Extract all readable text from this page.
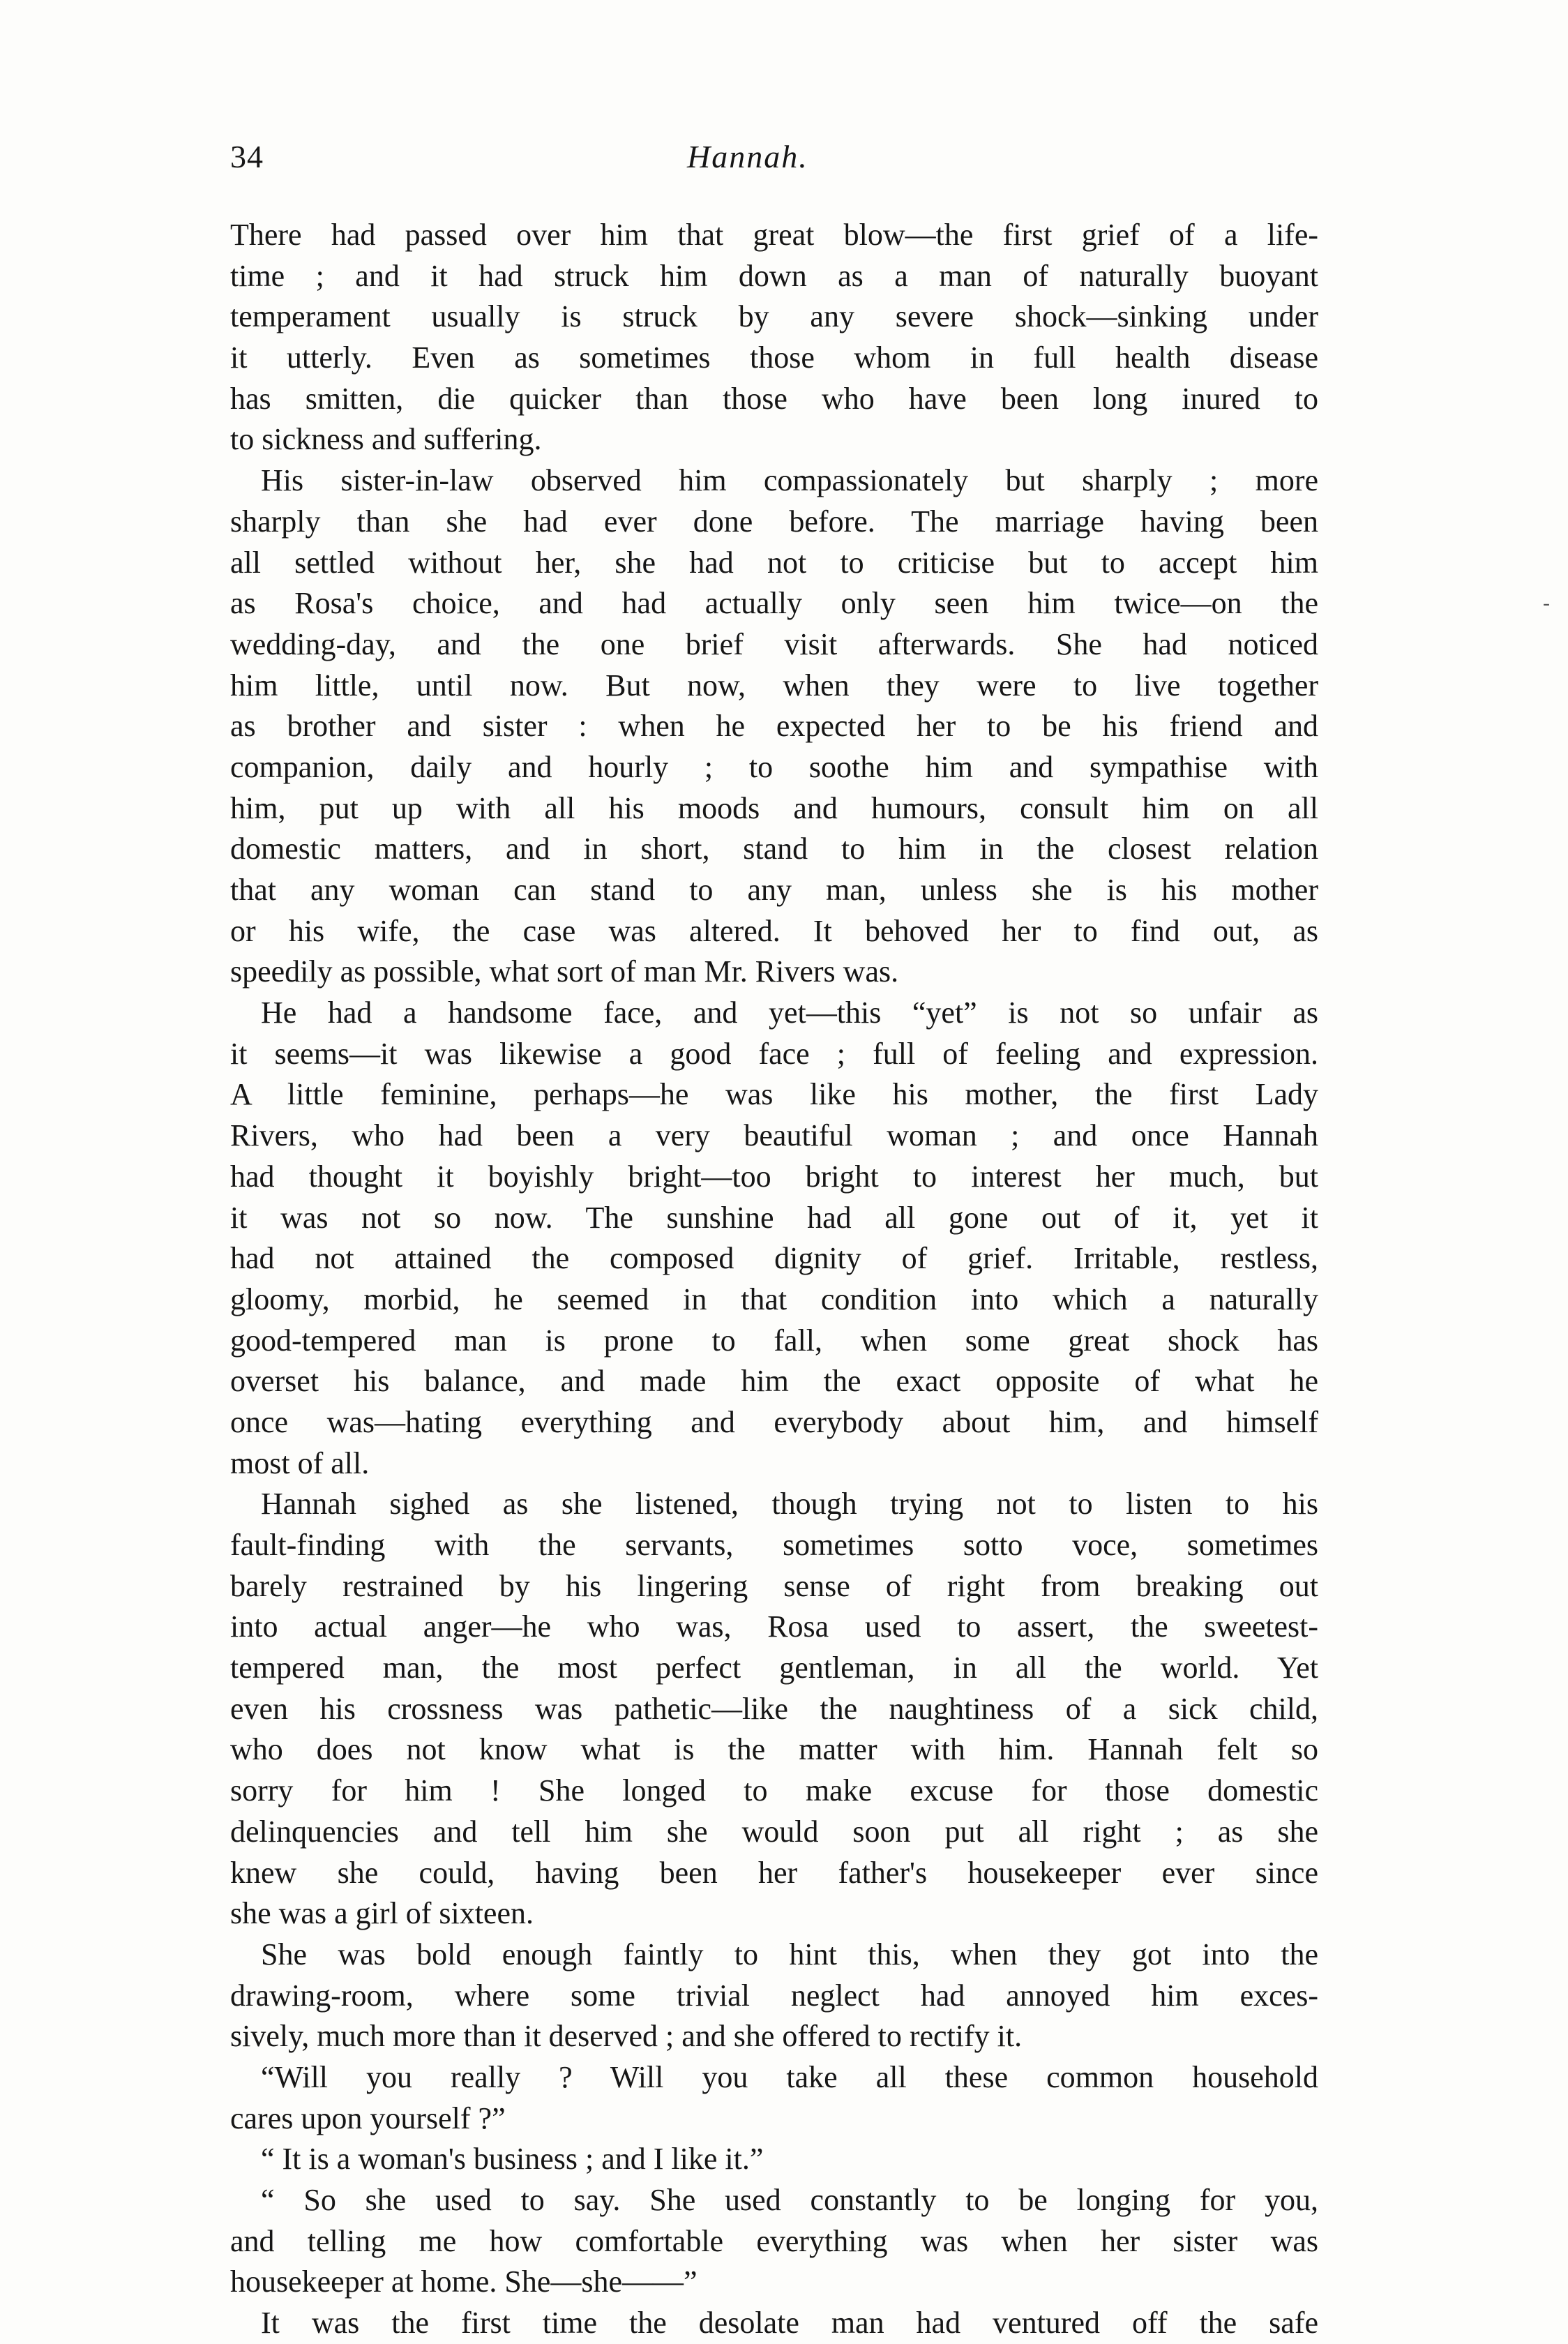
34	Hannah.
-
There had passed over him that great blow—the first grief of a life-
time ; and it had struck him down as a man of naturally buoyant
temperament usually is struck by any severe shock—sinking under
it utterly. Even as sometimes those whom in full health disease
has smitten, die quicker than those who have been long inured to
to sickness and suffering.
His sister-in-law observed him compassionately but sharply ; more
sharply than she had ever done before. The marriage having been
all settled without her, she had not to criticise but to accept him
as Rosa's choice, and had actually only seen him twice—on the
wedding-day, and the one brief visit afterwards. She had noticed
him little, until now. But now, when they were to live together
as brother and sister : when he expected her to be his friend and
companion, daily and hourly ; to soothe him and sympathise with
him, put up with all his moods and humours, consult him on all
domestic matters, and in short, stand to him in the closest relation
that any woman can stand to any man, unless she is his mother
or his wife, the case was altered. It behoved her to find out, as
speedily as possible, what sort of man Mr. Rivers was.
He had a handsome face, and yet—this “yet” is not so unfair as
it seems—it was likewise a good face ; full of feeling and expression.
A little feminine, perhaps—he was like his mother, the first Lady
Rivers, who had been a very beautiful woman ; and once Hannah
had thought it boyishly bright—too bright to interest her much, but
it was not so now. The sunshine had all gone out of it, yet it
had not attained the composed dignity of grief. Irritable, restless,
gloomy, morbid, he seemed in that condition into which a naturally
good-tempered man is prone to fall, when some great shock has
overset his balance, and made him the exact opposite of what he
once was—hating everything and everybody about him, and himself
most of all.
Hannah sighed as she listened, though trying not to listen to his
fault-finding with the servants, sometimes sotto voce, sometimes
barely restrained by his lingering sense of right from breaking out
into actual anger—he who was, Rosa used to assert, the sweetest-
tempered man, the most perfect gentleman, in all the world. Yet
even his crossness was pathetic—like the naughtiness of a sick child,
who does not know what is the matter with him. Hannah felt so
sorry for him ! She longed to make excuse for those domestic
delinquencies and tell him she would soon put all right ; as she
knew she could, having been her father's housekeeper ever since
she was a girl of sixteen.
She was bold enough faintly to hint this, when they got into the
drawing-room, where some trivial neglect had annoyed him exces-
sively, much more than it deserved ; and she offered to rectify it.
“Will you really ? Will you take all these common household
cares upon yourself ?”
“ It is a woman's business ; and I like it.”
“ So she used to say. She used constantly to be longing for you,
and telling me how comfortable everything was when her sister was
housekeeper at home. She—she——”
It was the first time the desolate man had ventured off the safe
